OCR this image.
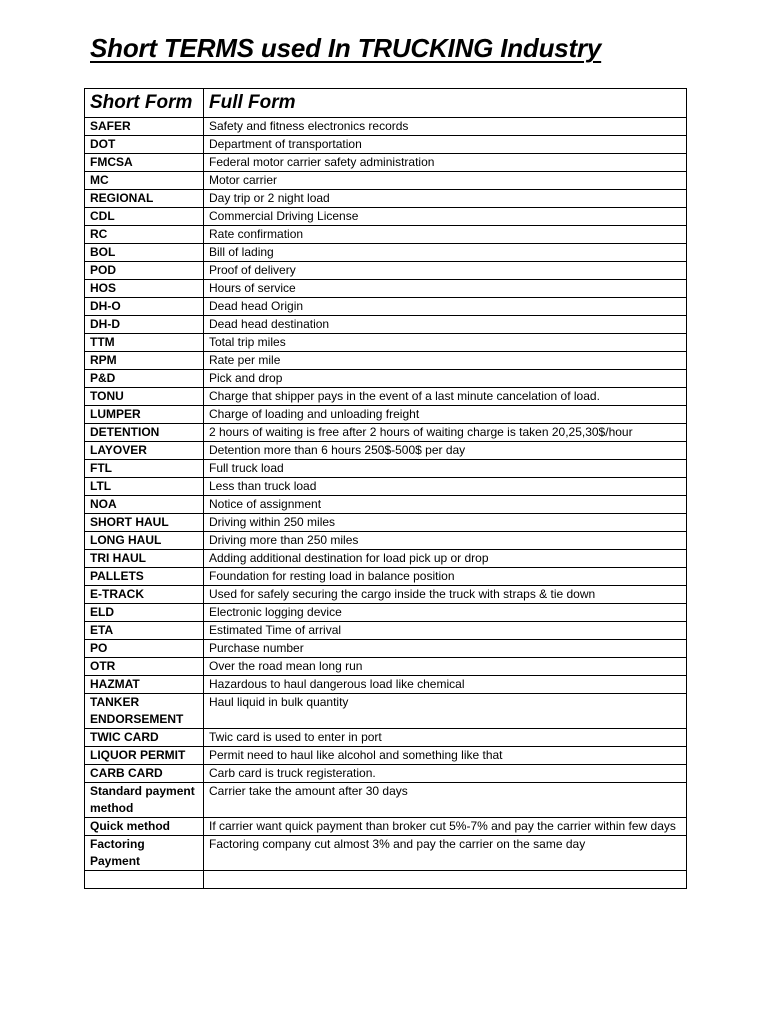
Short TERMS used In TRUCKING Industry
Short Form	Full Form
SAFER	Safety and fitness electronics records
DOT	Department of transportation
FMCSA	Federal motor carrier safety administration
MC	Motor carrier
REGIONAL	Day trip or 2 night load
CDL	Commercial Driving License
RC	Rate confirmation
BOL	Bill of lading
POD	Proof of delivery
HOS	Hours of service
DH-O	Dead head Origin
DH-D	Dead head destination
TTM	Total trip miles
RPM	Rate per mile
P&D	Pick and drop
TONU	Charge that shipper pays in the event of a last minute cancelation of load.
LUMPER	Charge of loading and unloading freight
DETENTION	2 hours of waiting is free after 2 hours of waiting charge is taken 20,25,30$/hour
LAYOVER	Detention more than 6 hours 250$-500$ per day
FTL	Full truck load
LTL	Less than truck load
NOA	Notice of assignment
SHORT HAUL	Driving within 250 miles
LONG HAUL	Driving more than 250 miles
TRI HAUL	Adding additional destination for load pick up or drop
PALLETS	Foundation for resting load in balance position
E-TRACK	Used for safely securing the cargo inside the truck with straps & tie down
ELD	Electronic logging device
ETA	Estimated Time of arrival
PO	Purchase number
OTR	Over the road mean long run
HAZMAT	Hazardous to haul dangerous load like chemical
TANKER ENDORSEMENT	Haul liquid in bulk quantity
TWIC CARD	Twic card is used to enter in port
LIQUOR PERMIT	Permit need to haul like alcohol and something like that
CARB CARD	Carb card is truck registeration.
Standard payment method	Carrier take the amount after 30 days
Quick method	If carrier want quick payment than broker cut 5%-7% and pay the carrier within few days
Factoring Payment	Factoring company cut almost 3% and pay the carrier on the same day
